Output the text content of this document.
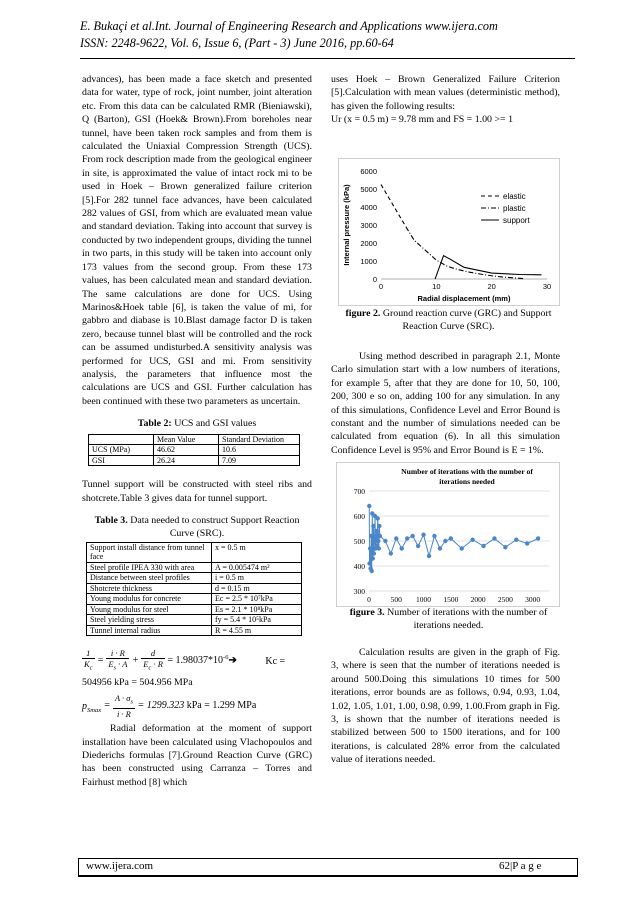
E. Bukaçi et al.Int. Journal of Engineering Research and Applications www.ijera.com
ISSN: 2248-9622, Vol. 6, Issue 6, (Part - 3) June 2016, pp.60-64

advances), has been made a face sketch and presented data for water, type of rock, joint number, joint alteration etc. From this data can be calculated RMR (Bieniawski), Q (Barton), GSI (Hoek& Brown).From boreholes near tunnel, have been taken rock samples and from them is calculated the Uniaxial Compression Strength (UCS). From rock description made from the geological engineer in site, is approximated the value of intact rock mi to be used in Hoek – Brown generalized failure criterion [5].For 282 tunnel face advances, have been calculated 282 values of GSI, from which are evaluated mean value and standard deviation. Taking into account that survey is conducted by two independent groups, dividing the tunnel in two parts, in this study will be taken into account only 173 values from the second group. From these 173 values, has been calculated mean and standard deviation. The same calculations are done for UCS. Using Marinos&Hoek table [6], is taken the value of mi, for gabbro and diabase is 10.Blast damage factor D is taken zero, because tunnel blast will be controlled and the rock can be assumed undisturbed.A sensitivity analysis was performed for UCS, GSI and mi. From sensitivity analysis, the parameters that influence most the calculations are UCS and GSI. Further calculation has been continued with these two parameters as uncertain.

Table 2: UCS and GSI values

	Mean Value	Standard Deviation
UCS (MPa)	46.62	10.6
GSI	26.24	7.09

Tunnel support will be constructed with steel ribs and shotcrete.Table 3 gives data for tunnel support.

Table 3. Data needed to construct Support Reaction Curve (SRC).

Support install distance from tunnel face	x = 0.5 m
Steel profile IPEA 330 with area	A = 0.005474 m²
Distance between steel profiles	i = 0.5 m
Shotcrete thickness	d = 0.15 m
Young modulus for concrete	Ec = 2.5 * 10⁷kPa
Young modulus for steel	Es = 2.1 * 10⁸kPa
Steel yielding stress	fy = 5.4 * 10⁵kPa
Tunnel internal radius	R = 4.55 m
$\frac{1}{K_c} = \frac{i \cdot R}{E_s \cdot A} + \frac{d}{E_c \cdot R}$ = $1.98037*10^{-6}➔$	Kc =

504956 kPa = 504.956 MPa

$p_{Smax} = \frac{A \cdot \sigma_s}{i \cdot R} = 1299.323$ kPa = 1.299 MPa

Radial deformation at the moment of support installation have been calculated using Vlachopoulos and Diederichs formulas [7].Ground Reaction Curve (GRC) has been constructed using Carranza – Torres and Fairhust method [8] which

uses Hoek – Brown Generalized Failure Criterion [5].Calculation with mean values (deterministic method), has given the following results:

Ur (x = 0.5 m) = 9.78 mm and FS = 1.00 >= 1

0
1000
2000
3000
4000
5000
6000
0	10	20	30
Radial displacement (mm)
Internal pressure (kPa)	elastic
plastic
support

figure 2. Ground reaction curve (GRC) and Support Reaction Curve (SRC).

Using method described in paragraph 2.1, Monte Carlo simulation start with a low numbers of iterations, for example 5, after that they are done for 10, 50, 100, 200, 300 e so on, adding 100 for any simulation. In any of this simulations, Confidence Level and Error Bound is constant and the number of simulations needed can be calculated from equation (6). In all this simulation Confidence Level is 95% and Error Bound is E = 1%.

300
400
500
600
700
0	500 1000 1500 2000 2500 3000
Number of iterations with the number of
iterations needed

figure 3. Number of iterations with the number of iterations needed.

Calculation results are given in the graph of Fig. 3, where is seen that the number of iterations needed is around 500.Doing this simulations 10 times for 500 iterations, error bounds are as follows, 0.94, 0.93, 1.04, 1.02, 1.05, 1.01, 1.00, 0.98, 0.99, 1.00.From graph in Fig. 3, is shown that the number of iterations needed is stabilized between 500 to 1500 iterations, and for 100 iterations, is calculated 28% error from the calculated value of iterations needed.

www.ijera.com	62|P a g e
